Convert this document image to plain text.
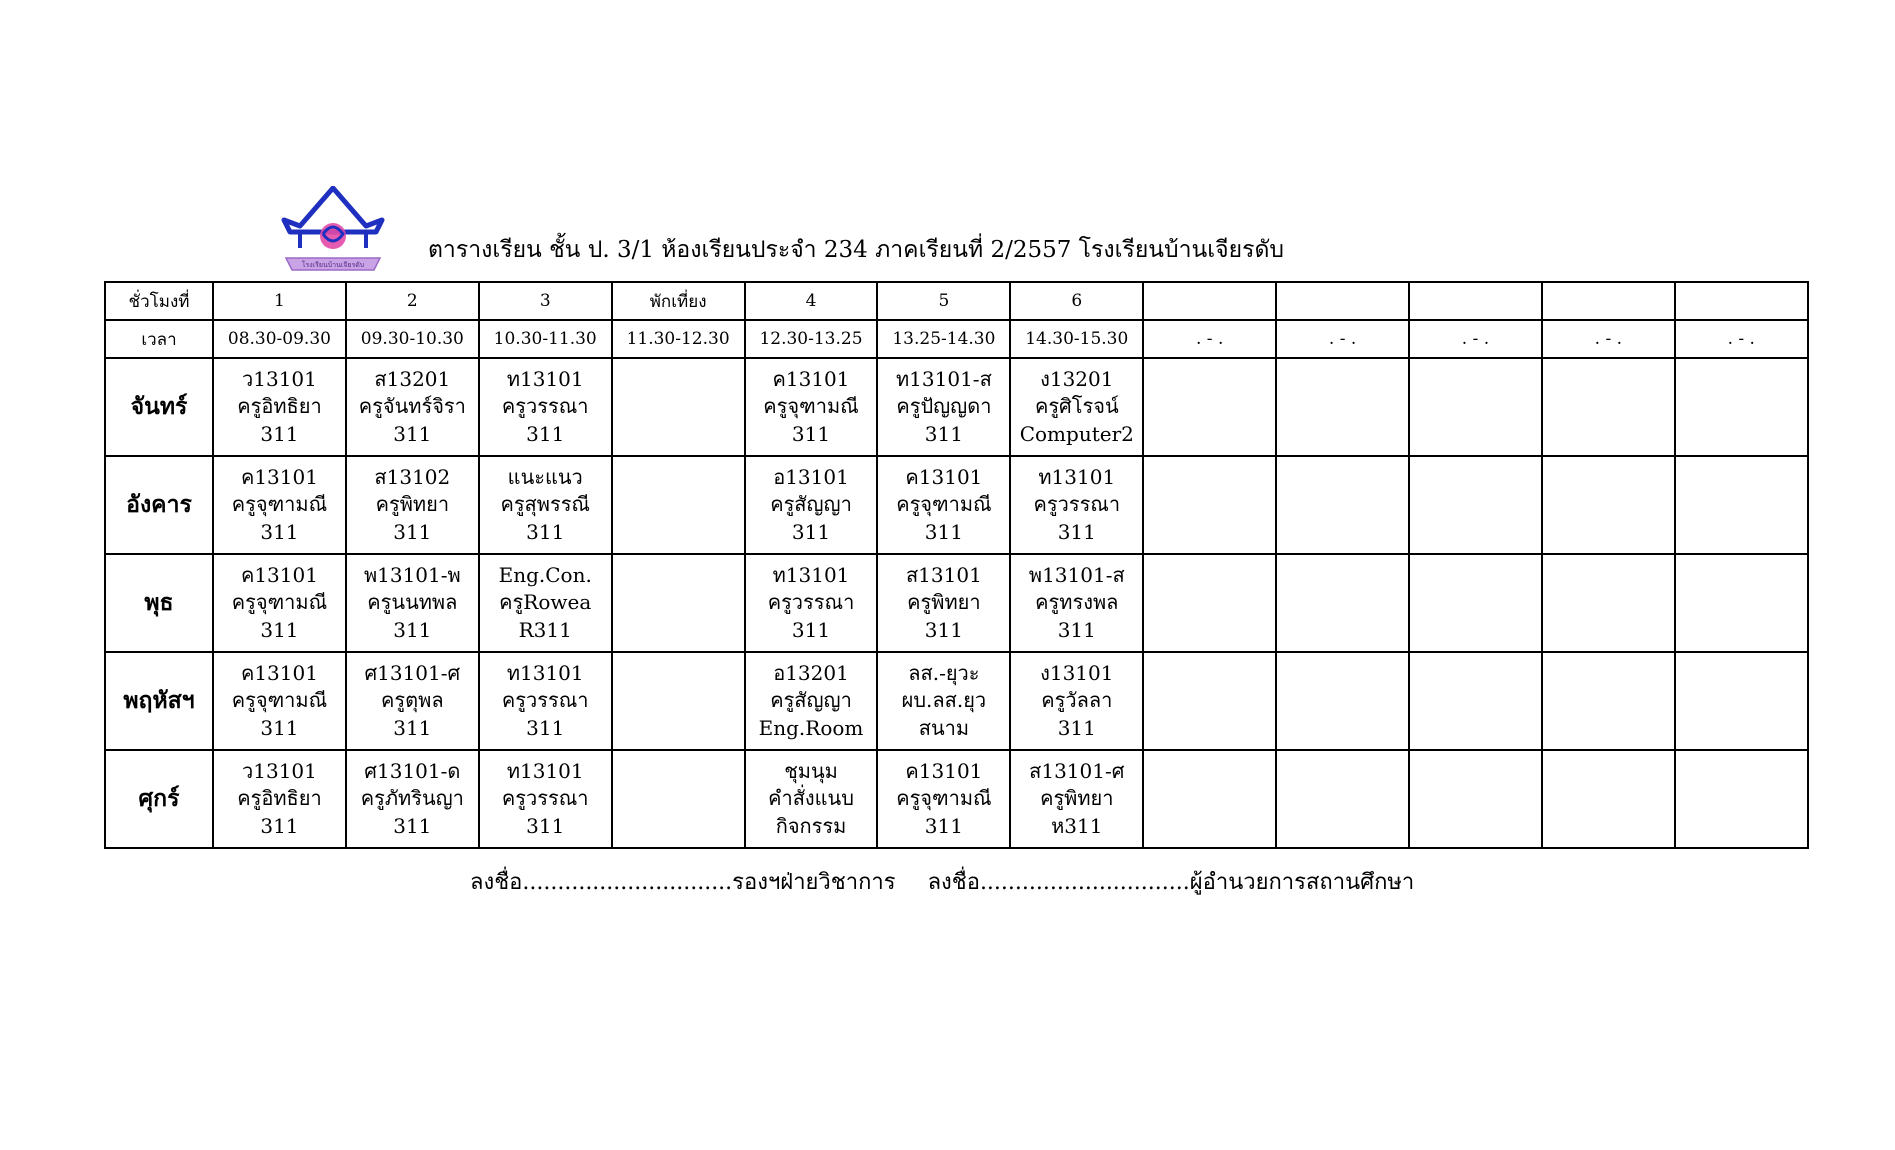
โรงเรียนบ้านเจียรดับ
ตารางเรียน ชั้น ป. 3/1 ห้องเรียนประจำ 234 ภาคเรียนที่ 2/2557 โรงเรียนบ้านเจียรดับ
ชั่วโมงที่	1	2	3	พักเที่ยง	4	5	6					
เวลา	08.30-09.30	09.30-10.30	10.30-11.30	11.30-12.30	12.30-13.25	13.25-14.30	14.30-15.30	. - .	. - .	. - .	. - .	. - .
จันทร์	ว13101
ครูอิทธิยา
311	ส13201
ครูจันทร์จิรา
311	ท13101
ครูวรรณา
311		ค13101
ครูจุฑามณี
311	ท13101-ส
ครูปัญญดา
311	ง13201
ครูศิโรจน์
Computer2					

อังคาร	ค13101
ครูจุฑามณี
311	ส13102
ครูพิทยา
311	แนะแนว
ครูสุพรรณี
311		อ13101
ครูสัญญา
311	ค13101
ครูจุฑามณี
311	ท13101
ครูวรรณา
311					

พุธ	ค13101
ครูจุฑามณี
311	พ13101-พ
ครูนนทพล
311	Eng.Con.
ครูRowea
R311		ท13101
ครูวรรณา
311	ส13101
ครูพิทยา
311	พ13101-ส
ครูทรงพล
311					

พฤหัสฯ	ค13101
ครูจุฑามณี
311	ศ13101-ศ
ครูตุพล
311	ท13101
ครูวรรณา
311		อ13201
ครูสัญญา
Eng.Room	ลส.-ยุวะ
ผบ.ลส.ยุว
สนาม	ง13101
ครูวัลลา
311					

ศุกร์	ว13101
ครูอิทธิยา
311	ศ13101-ด
ครูภัทรินญา
311	ท13101
ครูวรรณา
311		ชุมนุม
คำสั่งแนบ
กิจกรรม	ค13101
ครูจุฑามณี
311	ส13101-ศ
ครูพิทยา
ห311					

ลงชื่อ..............................รองฯฝ่ายวิชาการ ลงชื่อ..............................ผู้อำนวยการสถานศึกษา
